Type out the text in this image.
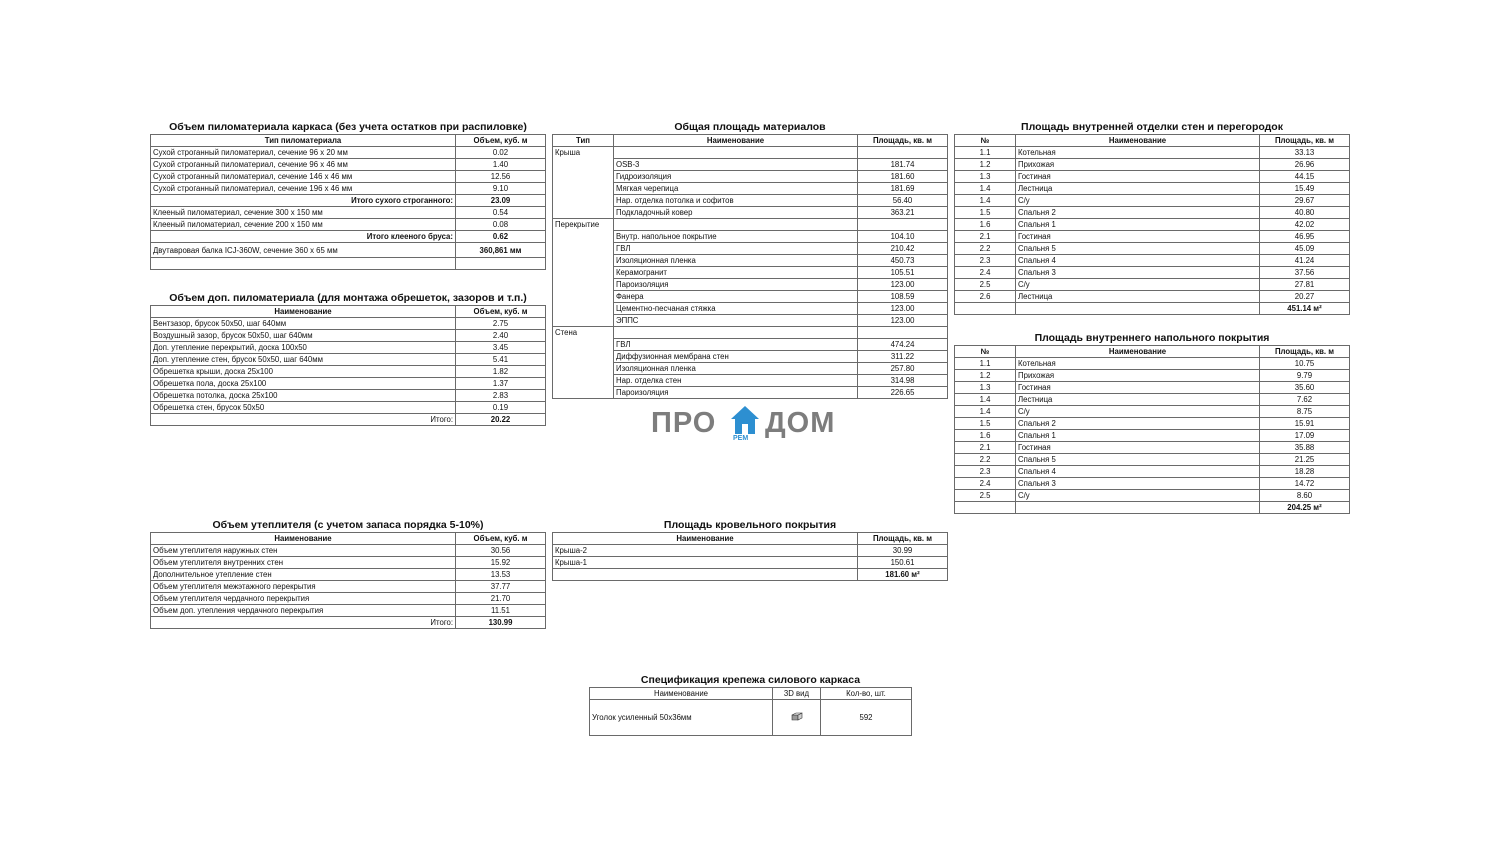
Объем пиломатериала каркаса (без учета остатков при распиловке)
Тип пиломатериала	Объем, куб. м
Сухой строганный пиломатериал, сечение 96 х 20 мм	0.02
Сухой строганный пиломатериал, сечение 96 х 46 мм	1.40
Сухой строганный пиломатериал, сечение 146 х 46 мм	12.56
Сухой строганный пиломатериал, сечение 196 х 46 мм	9.10
Итого сухого строганного:	23.09
Клееный пиломатериал, сечение 300 х 150 мм	0.54
Клееный пиломатериал, сечение 200 х 150 мм	0.08
Итого клееного бруса:	0.62
Двутавровая балка ICJ-360W, сечение 360 х 65 мм	360,861 мм

Объем доп. пиломатериала (для монтажа обрешеток, зазоров и т.п.)
Наименование	Объем, куб. м
Вентзазор, брусок 50х50, шаг 640мм	2.75
Воздушный зазор, брусок 50х50, шаг 640мм	2.40
Доп. утепление перекрытий, доска 100х50	3.45
Доп. утепление стен, брусок 50х50, шаг 640мм	5.41
Обрешетка крыши, доска 25х100	1.82
Обрешетка пола, доска 25х100	1.37
Обрешетка потолка, доска 25х100	2.83
Обрешетка стен, брусок 50х50	0.19
Итого:	20.22
Объем утеплителя (с учетом запаса порядка 5-10%)
Наименование	Объем, куб. м
Объем утеплителя наружных стен	30.56
Объем утеплителя внутренних стен	15.92
Дополнительное утепление стен	13.53
Объем утеплителя межэтажного перекрытия	37.77
Объем утеплителя чердачного перекрытия	21.70
Объем доп. утепления чердачного перекрытия	11.51
Итого:	130.99
Общая площадь материалов
Тип	Наименование	Площадь, кв. м
Крыша		
	OSB-3	181.74
	Гидроизоляция	181.60
	Мягкая черепица	181.69
	Нар. отделка потолка и софитов	56.40
	Подкладочный ковер	363.21
Перекрытие		
	Внутр. напольное покрытие	104.10
	ГВЛ	210.42
	Изоляционная пленка	450.73
	Керамогранит	105.51
	Пароизоляция	123.00
	Фанера	108.59
	Цементно-песчаная стяжка	123.00
	ЭППС	123.00
Стена		
	ГВЛ	474.24
	Диффузионная мембрана стен	311.22
	Изоляционная пленка	257.80
	Нар. отделка стен	314.98
	Пароизоляция	226.65
ПРО РЕМ ДОМ
Площадь кровельного покрытия
Наименование	Площадь, кв. м
Крыша-2	30.99
Крыша-1	150.61
	181.60 м²
Спецификация крепежа силового каркаса
Наименование	3D вид	Кол-во, шт.
Уголок усиленный 50х36мм		592
Площадь внутренней отделки стен и перегородок
№	Наименование	Площадь, кв. м
1.1	Котельная	33.13
1.2	Прихожая	26.96
1.3	Гостиная	44.15
1.4	Лестница	15.49
1.4	С/у	29.67
1.5	Спальня 2	40.80
1.6	Спальня 1	42.02
2.1	Гостиная	46.95
2.2	Спальня 5	45.09
2.3	Спальня 4	41.24
2.4	Спальня 3	37.56
2.5	С/у	27.81
2.6	Лестница	20.27
		451.14 м²
Площадь внутреннего напольного покрытия
№	Наименование	Площадь, кв. м
1.1	Котельная	10.75
1.2	Прихожая	9.79
1.3	Гостиная	35.60
1.4	Лестница	7.62
1.4	С/у	8.75
1.5	Спальня 2	15.91
1.6	Спальня 1	17.09
2.1	Гостиная	35.88
2.2	Спальня 5	21.25
2.3	Спальня 4	18.28
2.4	Спальня 3	14.72
2.5	С/у	8.60
		204.25 м²
